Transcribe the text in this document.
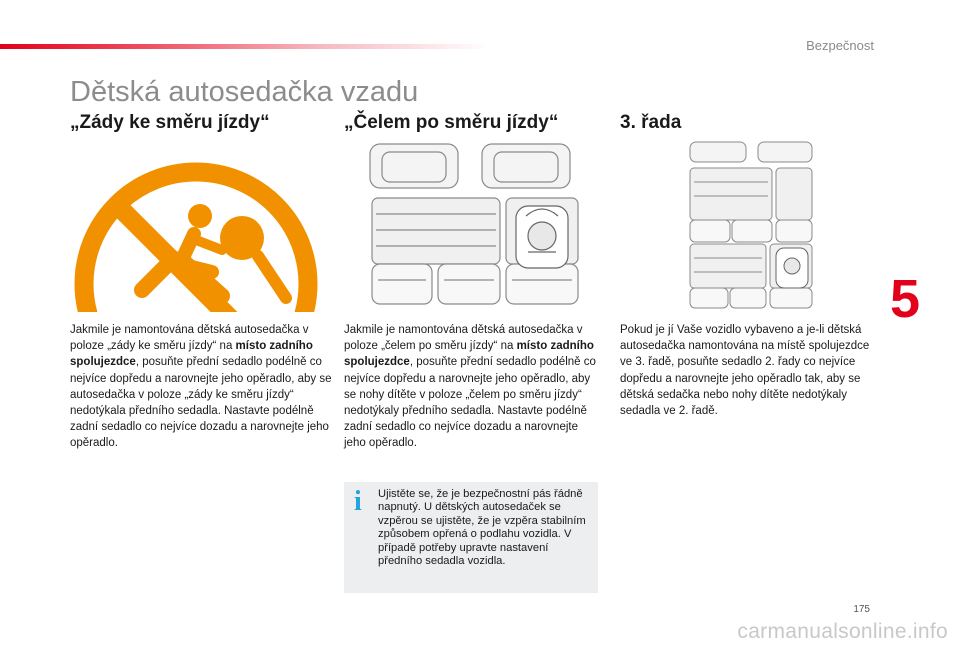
Bezpečnost
5
Dětská autosedačka vzadu
„Zády ke směru jízdy“

Jakmile je namontována dětská autosedačka v poloze „zády ke směru jízdy“ na místo zadního spolujezdce, posuňte přední sedadlo podélně co nejvíce dopředu a narovnejte jeho opěradlo, aby se autosedačka v poloze „zády ke směru jízdy“ nedotýkala předního sedadla. Nastavte podélně zadní sedadlo co nejvíce dozadu a narovnejte jeho opěradlo.

„Čelem po směru jízdy“

Jakmile je namontována dětská autosedačka v poloze „čelem po směru jízdy“ na místo zadního spolujezdce, posuňte přední sedadlo podélně co nejvíce dopředu a narovnejte jeho opěradlo, aby se nohy dítěte v poloze „čelem po směru jízdy“ nedotýkaly předního sedadla. Nastavte podélně zadní sedadlo co nejvíce dozadu a narovnejte jeho opěradlo.

3. řada

Pokud je jí Vaše vozidlo vybaveno a je-li dětská autosedačka namontována na místě spolujezdce ve 3. řadě, posuňte sedadlo 2. řady co nejvíce dopředu a narovnejte jeho opěradlo tak, aby se dětská sedačka nebo nohy dítěte nedotýkaly sedadla ve 2. řadě.

i Ujistěte se, že je bezpečnostní pás řádně napnutý. U dětských autosedaček se vzpěrou se ujistěte, že je vzpěra stabilním způsobem opřená o podlahu vozidla. V případě potřeby upravte nastavení předního sedadla vozidla.

175
carmanualsonline.info
